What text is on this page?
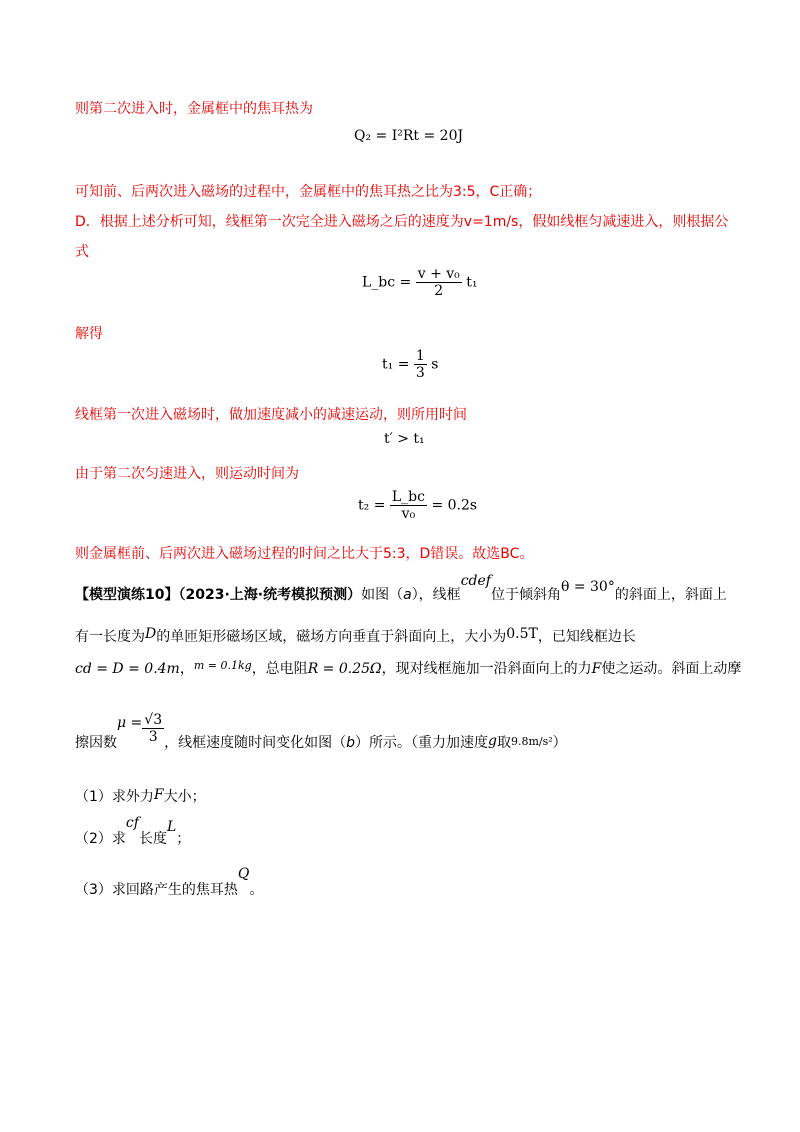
则第二次进入时，金属框中的焦耳热为
Q₂ = I²Rt = 20J
可知前、后两次进入磁场的过程中，金属框中的焦耳热之比为3:5，C正确；
D．根据上述分析可知，线框第一次完全进入磁场之后的速度为v=1m/s，假如线框匀减速进入，则根据公
式
L_bc = $\frac{\text{v + v₀}}{2} t_1$
解得
$t_1 = \frac{1}{3}$ s
线框第一次进入磁场时，做加速度减小的减速运动，则所用时间
t′ > t₁
由于第二次匀速进入，则运动时间为
$t_2 = \frac{L\_bc}{\text{v₀}} = 0.2s$
则金属框前、后两次进入磁场过程的时间之比大于5:3，D错误。故选BC。
【模型演练10】（2023·上海·统考模拟预测）如图（a），线框cdef位于倾斜角θ = 30°的斜面上，斜面上
有一长度为D的单匝矩形磁场区域，磁场方向垂直于斜面向上，大小为0.5T，已知线框边长
cd = D = 0.4m，$^{m = 0.1kg}$，总电阻R = 0.25Ω，现对线框施加一沿斜面向上的力F使之运动。斜面上动摩
擦因数$\mu = \frac{√3}{3}$ ，线框速度随时间变化如图（b）所示。（重力加速度g取$_{9.8m/s^2}$）
（1）求外力F大小；
（2）求cf长度L；
（3）求回路产生的焦耳热Q。
